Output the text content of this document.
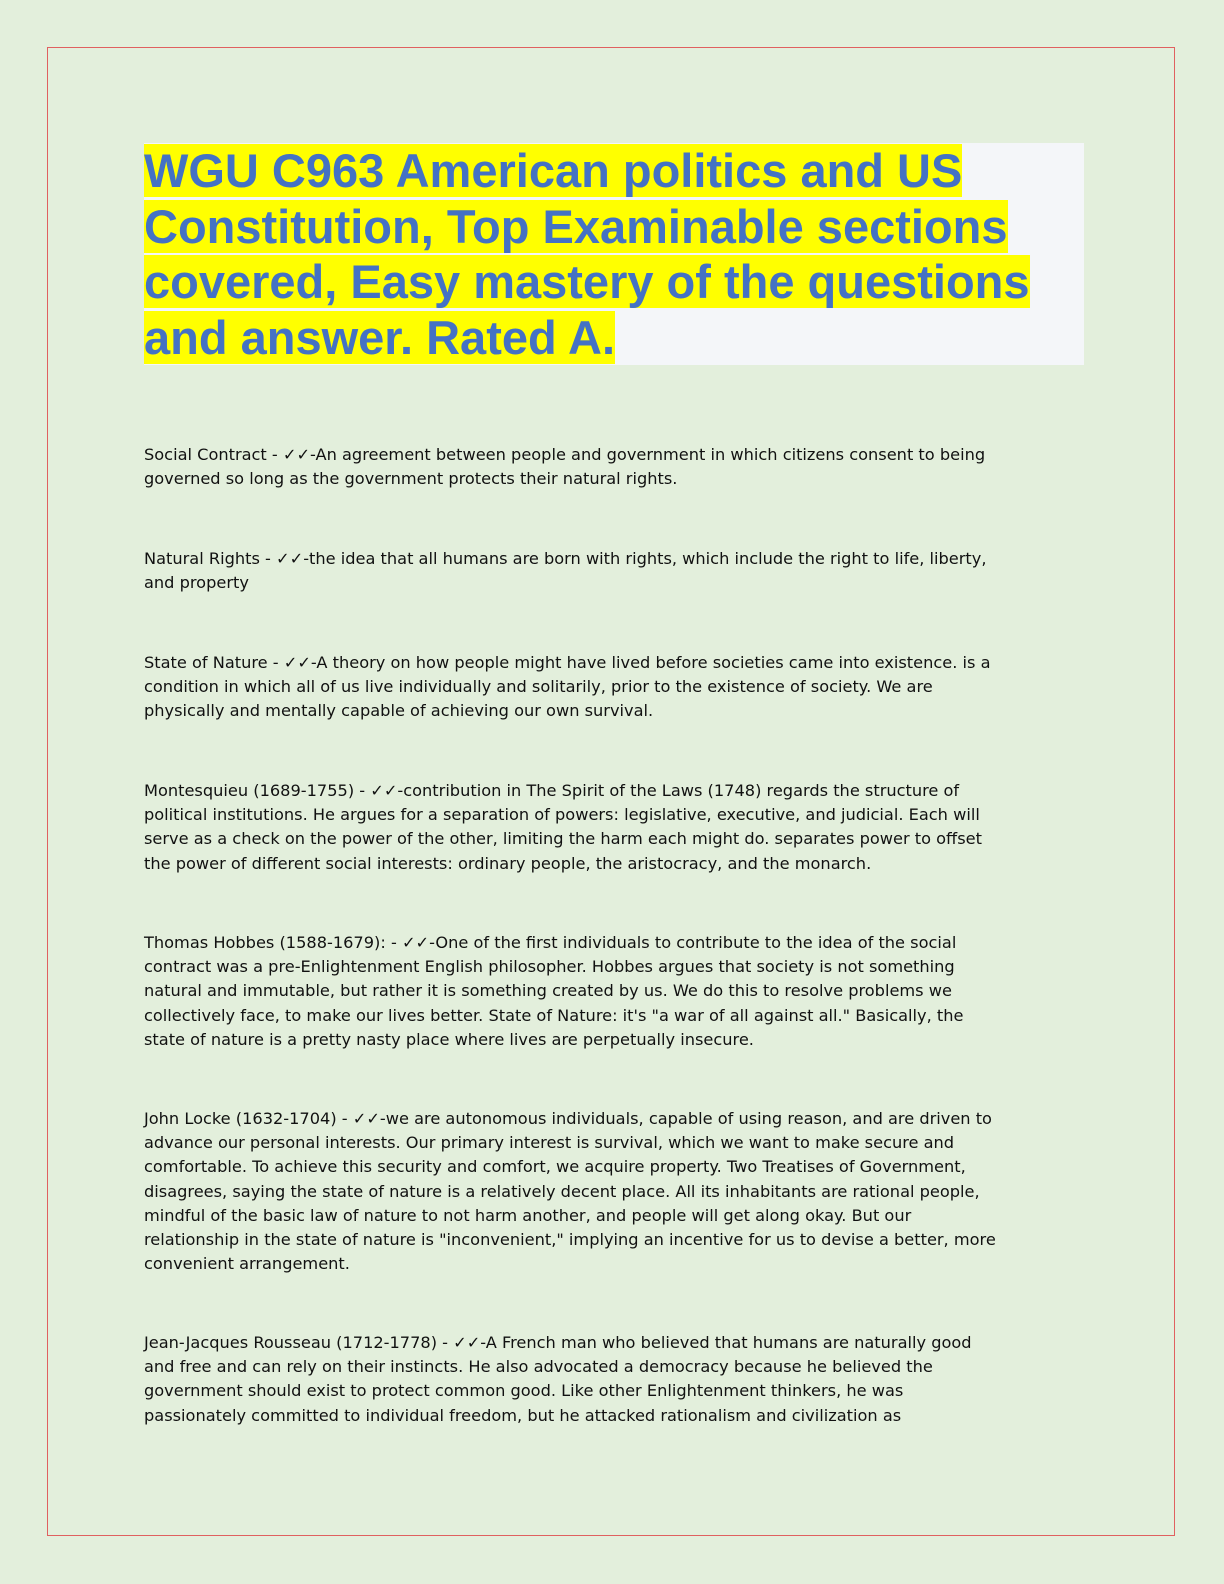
WGU C963 American politics and US Constitution, Top Examinable sections covered, Easy mastery of the questions and answer. Rated A.

Social Contract - ✓✓-An agreement between people and government in which citizens consent to being
governed so long as the government protects their natural rights.

Natural Rights - ✓✓-the idea that all humans are born with rights, which include the right to life, liberty,
and property

State of Nature - ✓✓-A theory on how people might have lived before societies came into existence. is a
condition in which all of us live individually and solitarily, prior to the existence of society. We are
physically and mentally capable of achieving our own survival.

Montesquieu (1689-1755) - ✓✓-contribution in The Spirit of the Laws (1748) regards the structure of
political institutions. He argues for a separation of powers: legislative, executive, and judicial. Each will
serve as a check on the power of the other, limiting the harm each might do. separates power to offset
the power of different social interests: ordinary people, the aristocracy, and the monarch.

Thomas Hobbes (1588-1679): - ✓✓-One of the first individuals to contribute to the idea of the social
contract was a pre-Enlightenment English philosopher. Hobbes argues that society is not something
natural and immutable, but rather it is something created by us. We do this to resolve problems we
collectively face, to make our lives better. State of Nature: it's "a war of all against all." Basically, the
state of nature is a pretty nasty place where lives are perpetually insecure.

John Locke (1632-1704) - ✓✓-we are autonomous individuals, capable of using reason, and are driven to
advance our personal interests. Our primary interest is survival, which we want to make secure and
comfortable. To achieve this security and comfort, we acquire property. Two Treatises of Government,
disagrees, saying the state of nature is a relatively decent place. All its inhabitants are rational people,
mindful of the basic law of nature to not harm another, and people will get along okay. But our
relationship in the state of nature is "inconvenient," implying an incentive for us to devise a better, more
convenient arrangement.

Jean-Jacques Rousseau (1712-1778) - ✓✓-A French man who believed that humans are naturally good
and free and can rely on their instincts. He also advocated a democracy because he believed the
government should exist to protect common good. Like other Enlightenment thinkers, he was
passionately committed to individual freedom, but he attacked rationalism and civilization as
